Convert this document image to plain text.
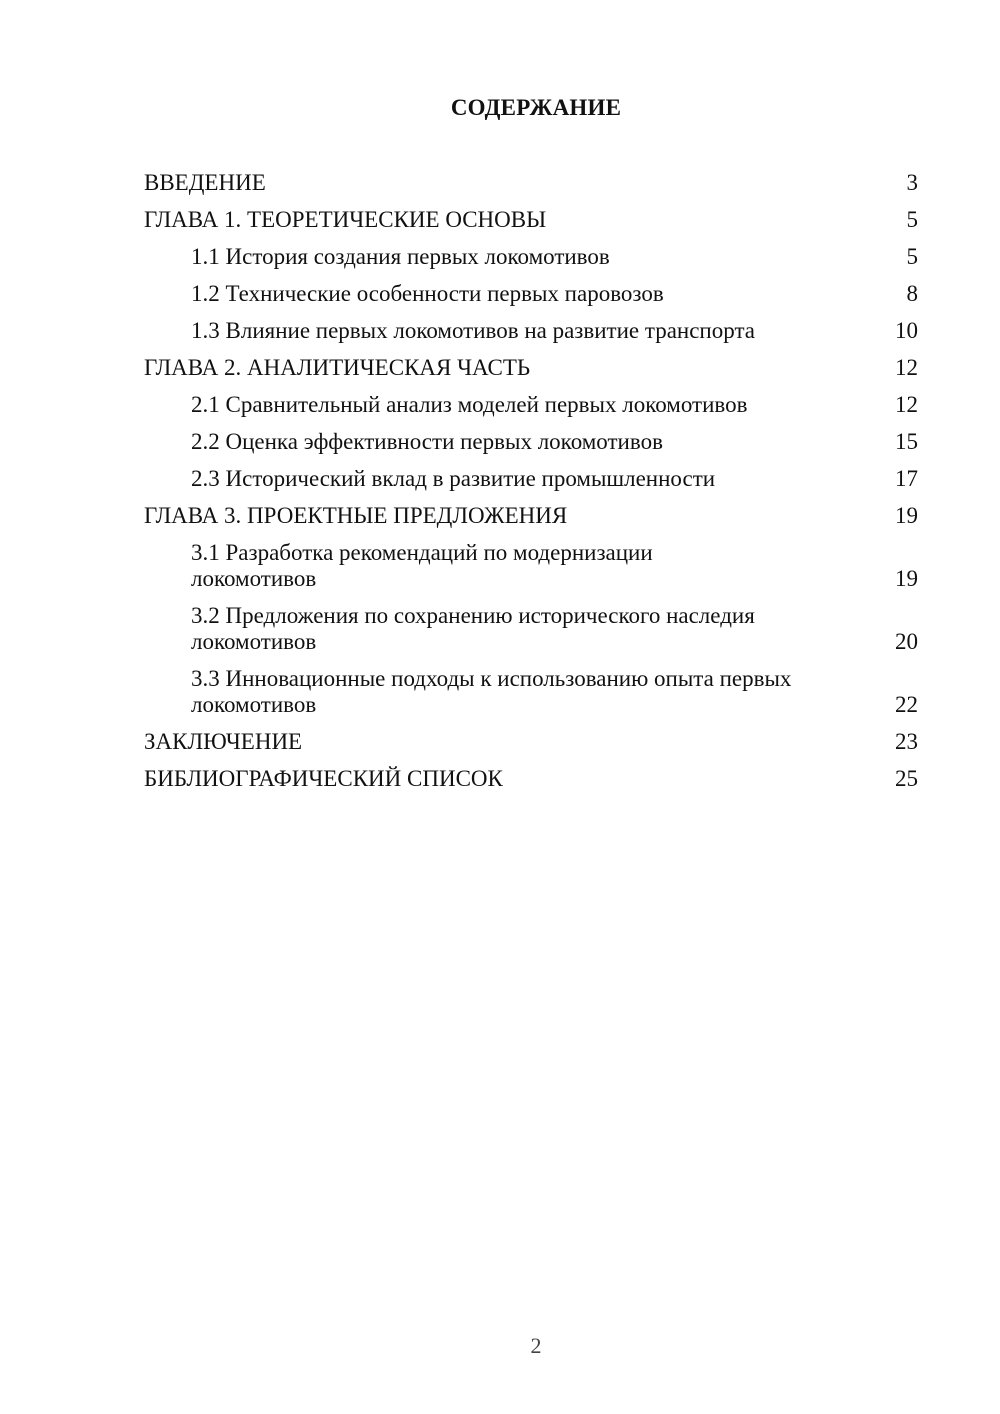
СОДЕРЖАНИЕ
ВВЕДЕНИЕ	3
ГЛАВА 1. ТЕОРЕТИЧЕСКИЕ ОСНОВЫ	5
1.1 История создания первых локомотивов	5
1.2 Технические особенности первых паровозов	8
1.3 Влияние первых локомотивов на развитие транспорта	10
ГЛАВА 2. АНАЛИТИЧЕСКАЯ ЧАСТЬ	12
2.1 Сравнительный анализ моделей первых локомотивов	12
2.2 Оценка эффективности первых локомотивов	15
2.3 Исторический вклад в развитие промышленности	17
ГЛАВА 3. ПРОЕКТНЫЕ ПРЕДЛОЖЕНИЯ	19
3.1 Разработка рекомендаций по модернизации локомотивов	19
3.2 Предложения по сохранению исторического наследия локомотивов	20
3.3 Инновационные подходы к использованию опыта первых локомотивов	22
ЗАКЛЮЧЕНИЕ	23
БИБЛИОГРАФИЧЕСКИЙ СПИСОК	25
2
